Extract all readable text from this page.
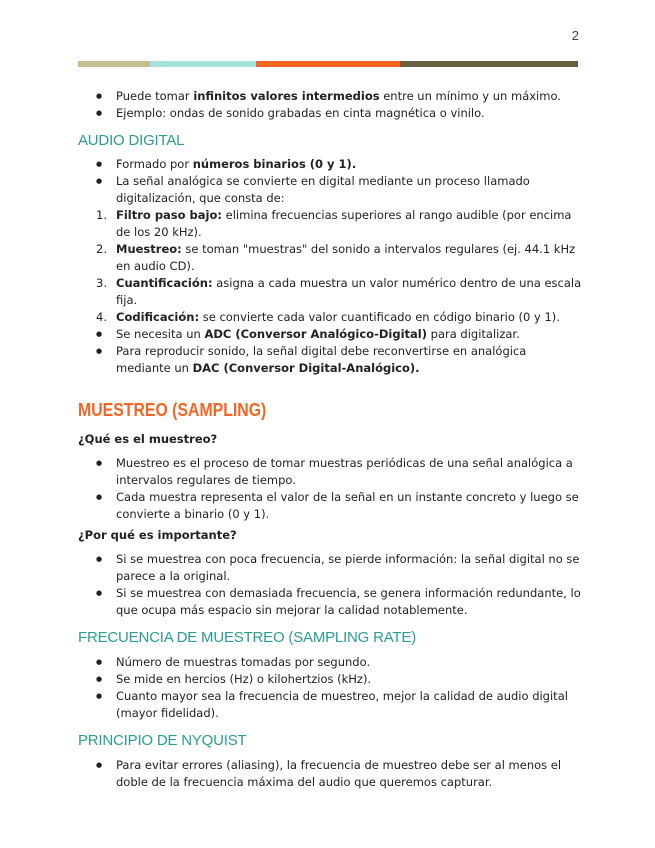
2
● Puede tomar infinitos valores intermedios entre un mínimo y un máximo.
● Ejemplo: ondas de sonido grabadas en cinta magnética o vinilo.
AUDIO DIGITAL
● Formado por números binarios (0 y 1).
● La señal analógica se convierte en digital mediante un proceso llamado digitalización, que consta de:
1. Filtro paso bajo: elimina frecuencias superiores al rango audible (por encima de los 20 kHz).
2. Muestreo: se toman "muestras" del sonido a intervalos regulares (ej. 44.1 kHz en audio CD).
3. Cuantificación: asigna a cada muestra un valor numérico dentro de una escala fija.
4. Codificación: se convierte cada valor cuantificado en código binario (0 y 1).
● Se necesita un ADC (Conversor Analógico-Digital) para digitalizar.
● Para reproducir sonido, la señal digital debe reconvertirse en analógica mediante un DAC (Conversor Digital-Analógico).
MUESTREO (SAMPLING)
¿Qué es el muestreo?
● Muestreo es el proceso de tomar muestras periódicas de una señal analógica a intervalos regulares de tiempo.
● Cada muestra representa el valor de la señal en un instante concreto y luego se convierte a binario (0 y 1).
¿Por qué es importante?
● Si se muestrea con poca frecuencia, se pierde información: la señal digital no se parece a la original.
● Si se muestrea con demasiada frecuencia, se genera información redundante, lo que ocupa más espacio sin mejorar la calidad notablemente.
FRECUENCIA DE MUESTREO (SAMPLING RATE)
● Número de muestras tomadas por segundo.
● Se mide en hercios (Hz) o kilohertzios (kHz).
● Cuanto mayor sea la frecuencia de muestreo, mejor la calidad de audio digital (mayor fidelidad).
PRINCIPIO DE NYQUIST
● Para evitar errores (aliasing), la frecuencia de muestreo debe ser al menos el doble de la frecuencia máxima del audio que queremos capturar.
